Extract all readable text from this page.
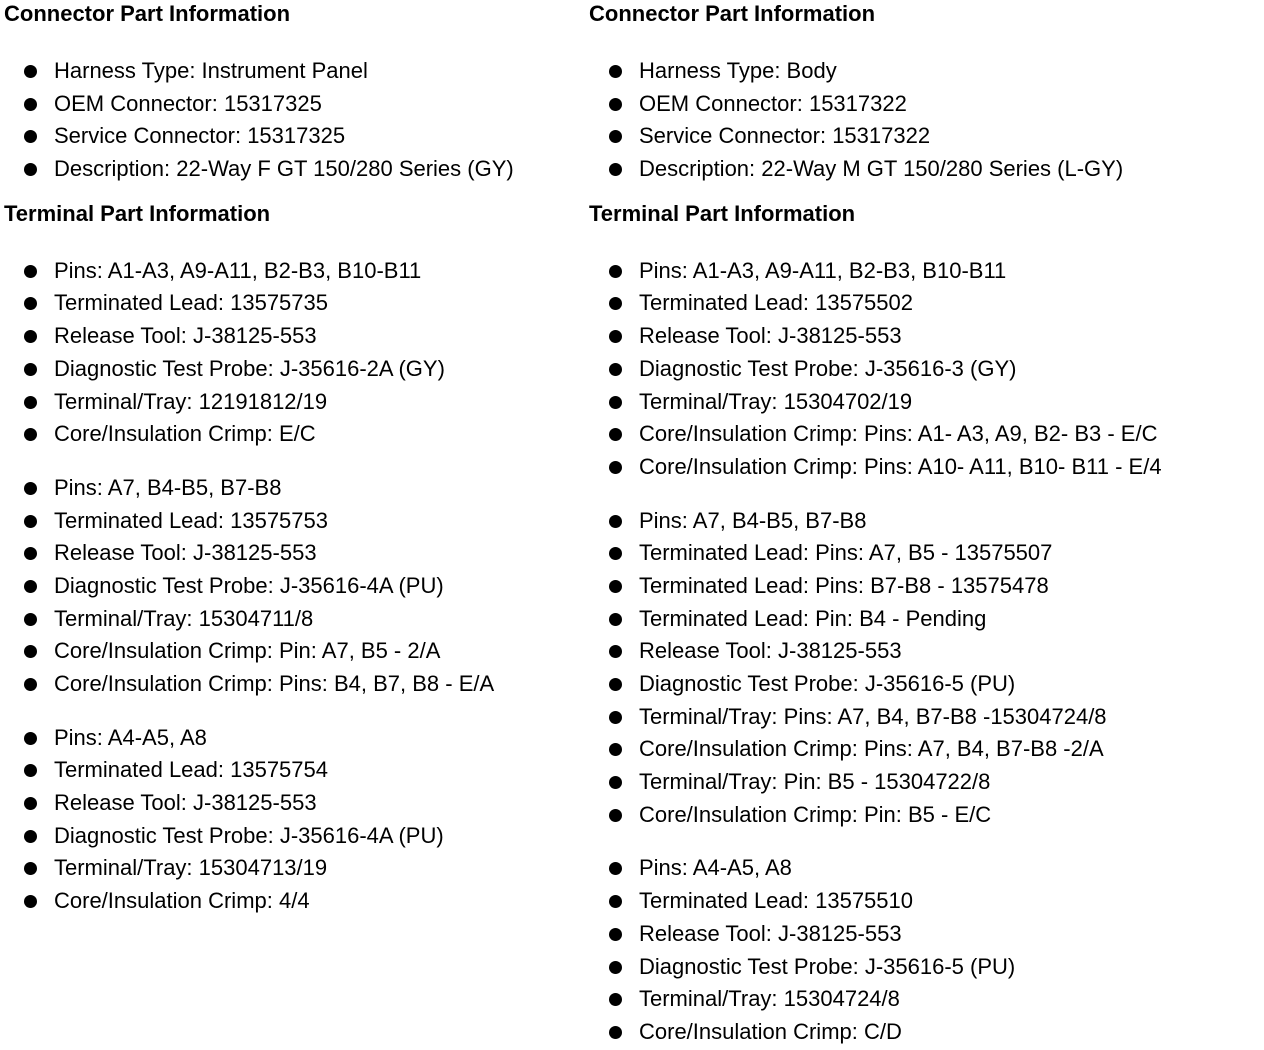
Connector Part Information
Harness Type: Instrument Panel
OEM Connector: 15317325
Service Connector: 15317325
Description: 22-Way F GT 150/280 Series (GY)
Terminal Part Information
Pins: A1-A3, A9-A11, B2-B3, B10-B11
Terminated Lead: 13575735
Release Tool: J-38125-553
Diagnostic Test Probe: J-35616-2A (GY)
Terminal/Tray: 12191812/19
Core/Insulation Crimp: E/C
Pins: A7, B4-B5, B7-B8
Terminated Lead: 13575753
Release Tool: J-38125-553
Diagnostic Test Probe: J-35616-4A (PU)
Terminal/Tray: 15304711/8
Core/Insulation Crimp: Pin: A7, B5 - 2/A
Core/Insulation Crimp: Pins: B4, B7, B8 - E/A
Pins: A4-A5, A8
Terminated Lead: 13575754
Release Tool: J-38125-553
Diagnostic Test Probe: J-35616-4A (PU)
Terminal/Tray: 15304713/19
Core/Insulation Crimp: 4/4
Connector Part Information
Harness Type: Body
OEM Connector: 15317322
Service Connector: 15317322
Description: 22-Way M GT 150/280 Series (L-GY)
Terminal Part Information
Pins: A1-A3, A9-A11, B2-B3, B10-B11
Terminated Lead: 13575502
Release Tool: J-38125-553
Diagnostic Test Probe: J-35616-3 (GY)
Terminal/Tray: 15304702/19
Core/Insulation Crimp: Pins: A1- A3, A9, B2- B3 - E/C
Core/Insulation Crimp: Pins: A10- A11, B10- B11 - E/4
Pins: A7, B4-B5, B7-B8
Terminated Lead: Pins: A7, B5 - 13575507
Terminated Lead: Pins: B7-B8 - 13575478
Terminated Lead: Pin: B4 - Pending
Release Tool: J-38125-553
Diagnostic Test Probe: J-35616-5 (PU)
Terminal/Tray: Pins: A7, B4, B7-B8 -15304724/8
Core/Insulation Crimp: Pins: A7, B4, B7-B8 -2/A
Terminal/Tray: Pin: B5 - 15304722/8
Core/Insulation Crimp: Pin: B5 - E/C
Pins: A4-A5, A8
Terminated Lead: 13575510
Release Tool: J-38125-553
Diagnostic Test Probe: J-35616-5 (PU)
Terminal/Tray: 15304724/8
Core/Insulation Crimp: C/D
